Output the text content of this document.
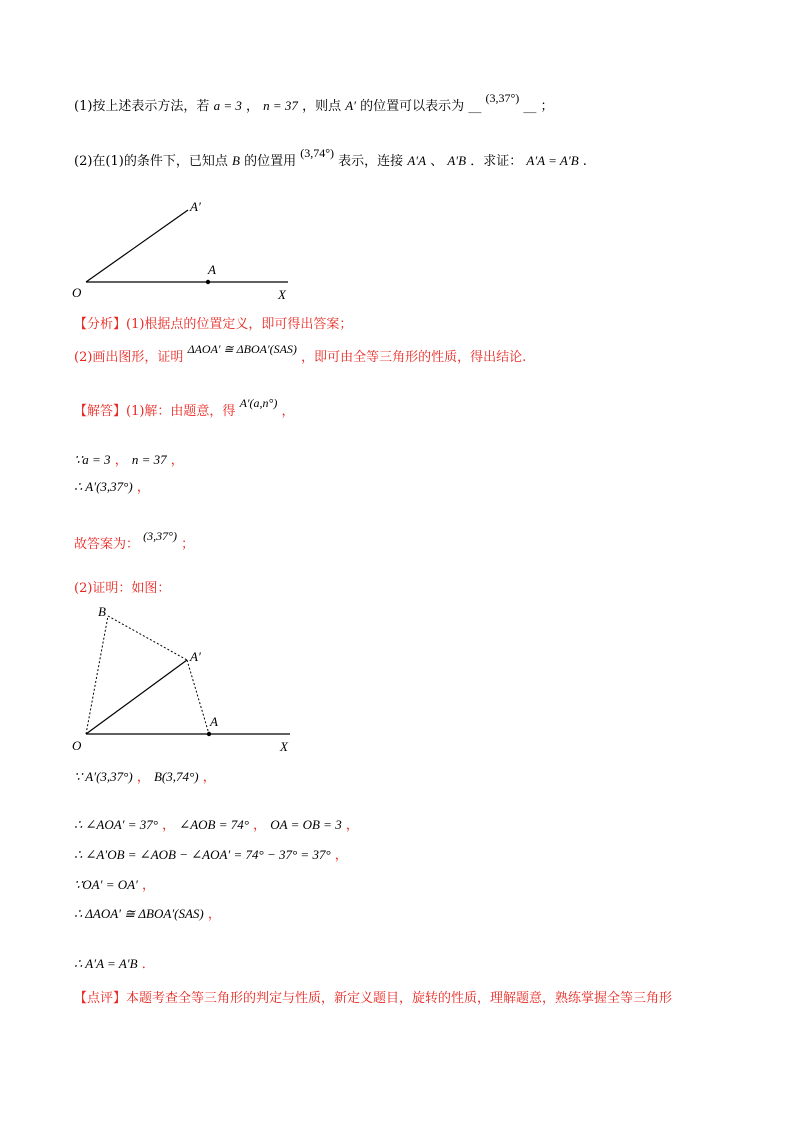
(1)按上述表示方法，若 a = 3 ， n = 37 ，则点 A′ 的位置可以表示为 __ (3,37°) __ ；
(2)在(1)的条件下，已知点 B 的位置用 (3,74°) 表示，连接 A′A 、 A′B ．求证： A′A = A′B .
A′
A
O	X
【分析】(1)根据点的位置定义，即可得出答案；
(2)画出图形，证明 ΔAOA′ ≅ ΔBOA′(SAS) ，即可由全等三角形的性质，得出结论.
【解答】(1)解：由题意，得 A′(a,n°) ，
∵a = 3 ， n = 37 ，
∴ A′(3,37°) ，
故答案为： (3,37°) ；
(2)证明：如图：
B
A′
A
O	X
∵ A′(3,37°) ， B(3,74°) ，
∴ ∠AOA′ = 37° ， ∠AOB = 74° ， OA = OB = 3 ，
∴ ∠A′OB = ∠AOB − ∠AOA′ = 74° − 37° = 37° ，
∵OA′ = OA′ ，
∴ ΔAOA′ ≅ ΔBOA′(SAS) ，
∴ A′A = A′B ．
【点评】本题考查全等三角形的判定与性质，新定义题目，旋转的性质，理解题意，熟练掌握全等三角形
